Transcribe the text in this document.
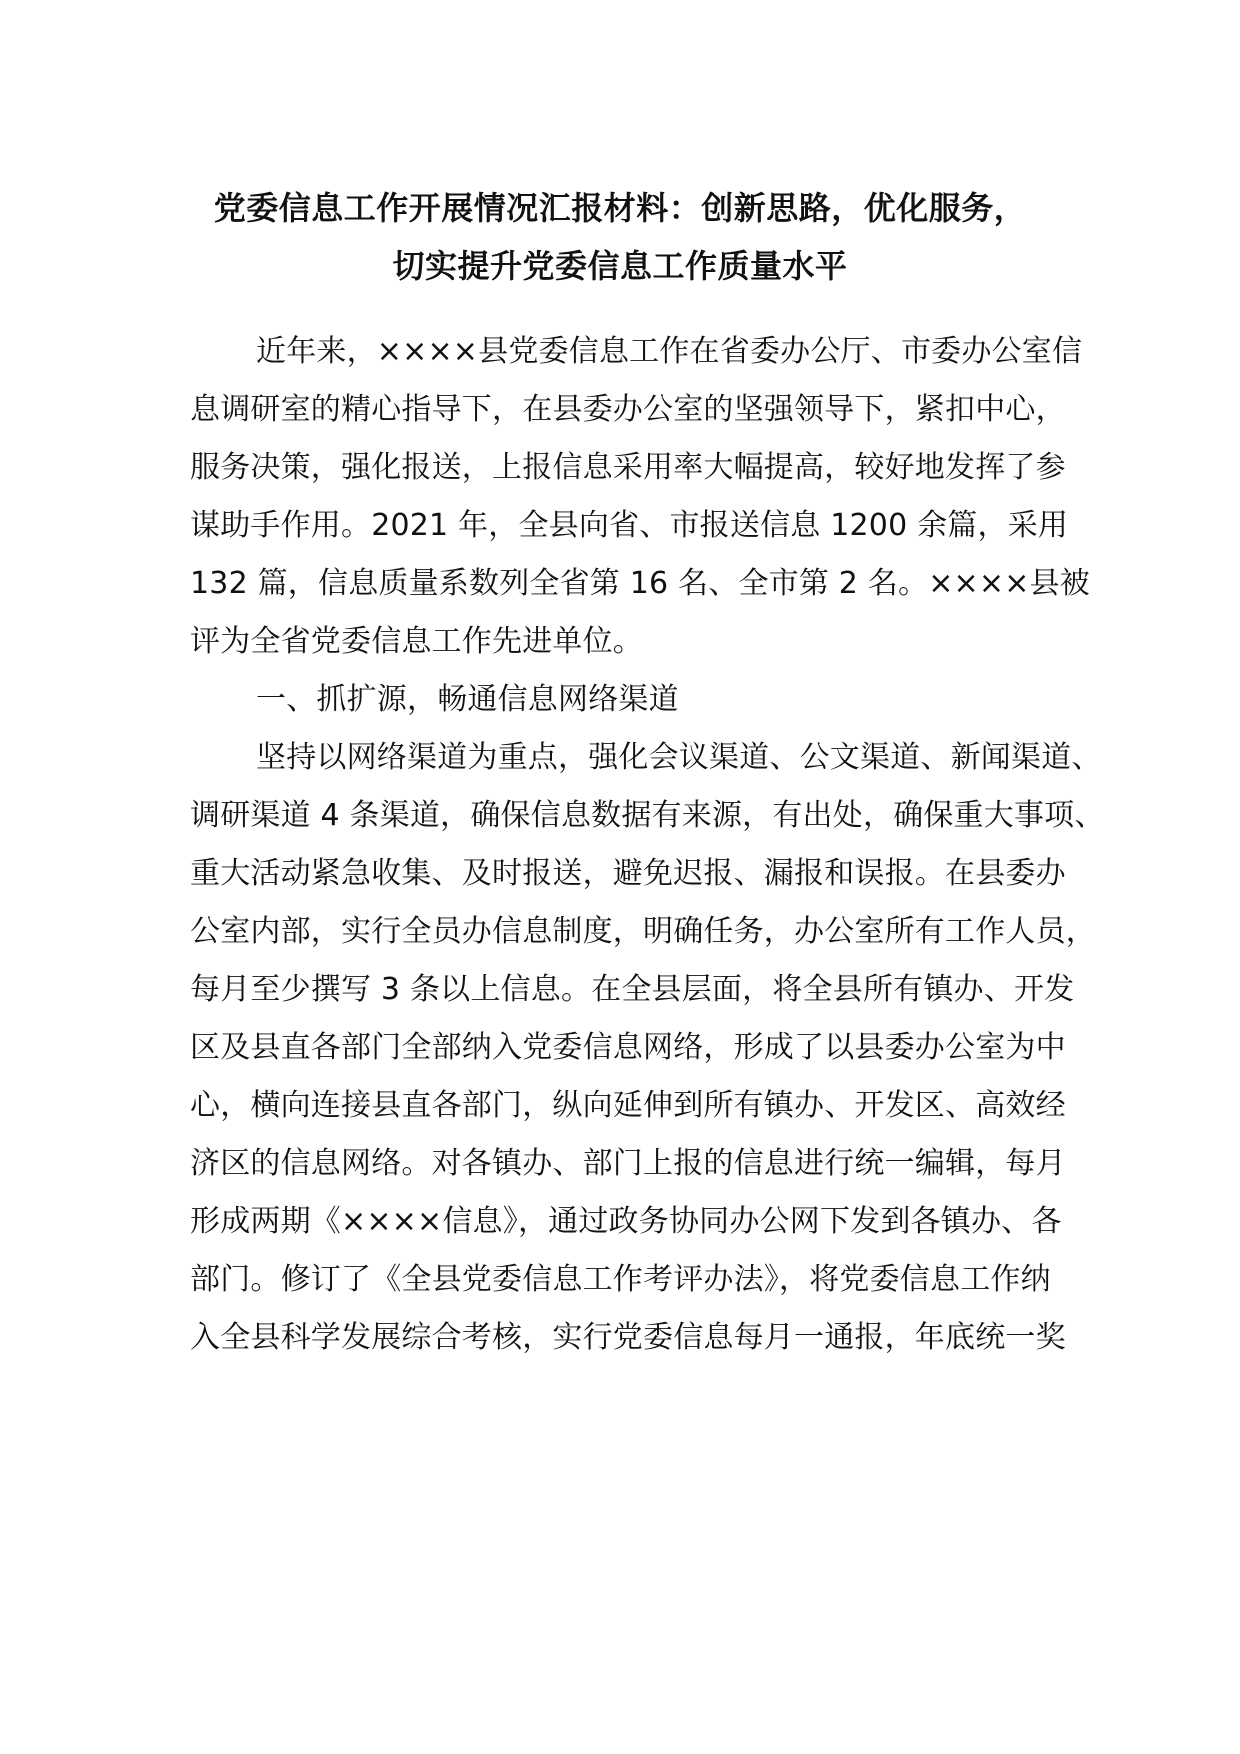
党委信息工作开展情况汇报材料：创新思路，优化服务，
切实提升党委信息工作质量水平
近年来，××××县党委信息工作在省委办公厅、市委办公室信
息调研室的精心指导下，在县委办公室的坚强领导下，紧扣中心，
服务决策，强化报送，上报信息采用率大幅提高，较好地发挥了参
谋助手作用。2021 年，全县向省、市报送信息 1200 余篇，采用
132 篇，信息质量系数列全省第 16 名、全市第 2 名。××××县被
评为全省党委信息工作先进单位。
一、抓扩源，畅通信息网络渠道
坚持以网络渠道为重点，强化会议渠道、公文渠道、新闻渠道、
调研渠道 4 条渠道，确保信息数据有来源，有出处，确保重大事项、
重大活动紧急收集、及时报送，避免迟报、漏报和误报。在县委办
公室内部，实行全员办信息制度，明确任务，办公室所有工作人员，
每月至少撰写 3 条以上信息。在全县层面，将全县所有镇办、开发
区及县直各部门全部纳入党委信息网络，形成了以县委办公室为中
心，横向连接县直各部门，纵向延伸到所有镇办、开发区、高效经
济区的信息网络。对各镇办、部门上报的信息进行统一编辑，每月
形成两期《××××信息》，通过政务协同办公网下发到各镇办、各
部门。修订了《全县党委信息工作考评办法》，将党委信息工作纳
入全县科学发展综合考核，实行党委信息每月一通报，年底统一奖
